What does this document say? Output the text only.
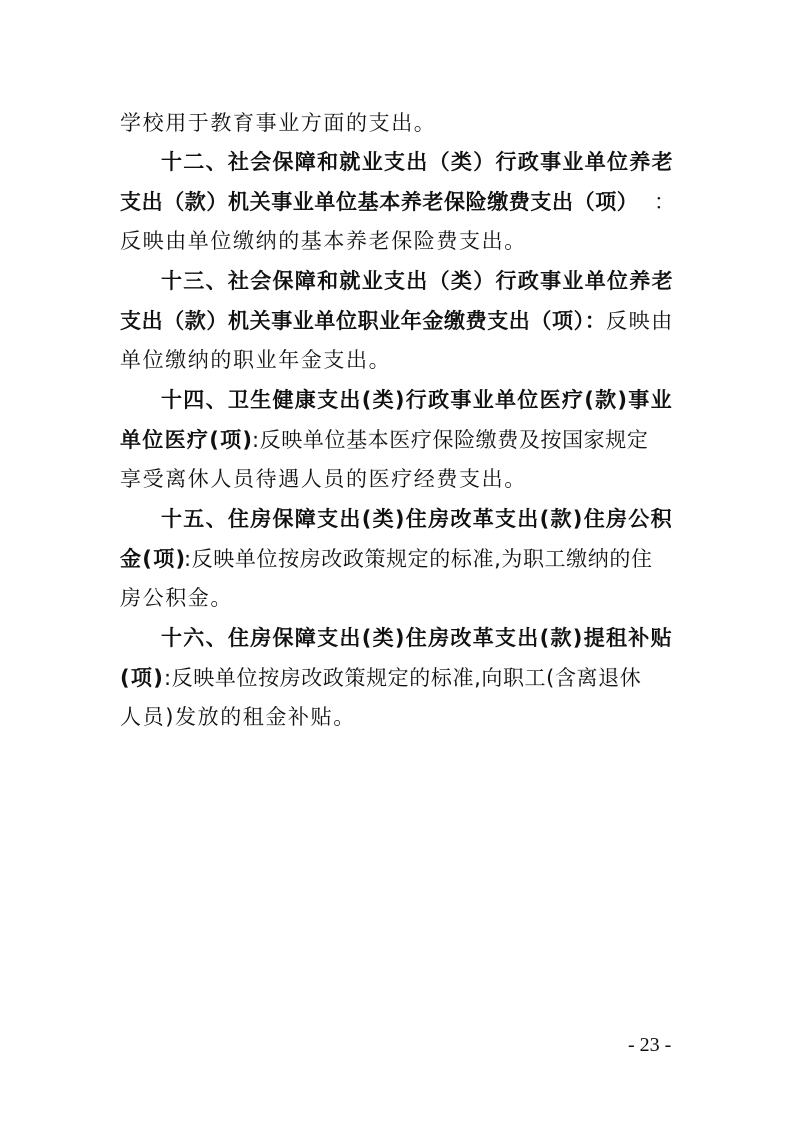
学校用于教育事业方面的支出。
十二、社会保障和就业支出（类）行政事业单位养老
支出（款）机关事业单位基本养老保险缴费支出（项） ：
反映由单位缴纳的基本养老保险费支出。
十三、社会保障和就业支出（类）行政事业单位养老
支出（款）机关事业单位职业年金缴费支出（项）： 反映由
单位缴纳的职业年金支出。
十四、卫生健康支出(类)行政事业单位医疗(款)事业
单位医疗(项)
:反映单位基本医疗保险缴费及按国家规定
享受离休人员待遇人员的医疗经费支出。
十五、住房保障支出(类)住房改革支出(款)住房公积
金(项)
:反映单位按房改政策规定的标准,为职工缴纳的住
房公积金。
十六、住房保障支出(类)住房改革支出(款)提租补贴
(项) :反映单位按房改政策规定的标准,向职工(含离退休
人员)发放的租金补贴。
- 23 -
